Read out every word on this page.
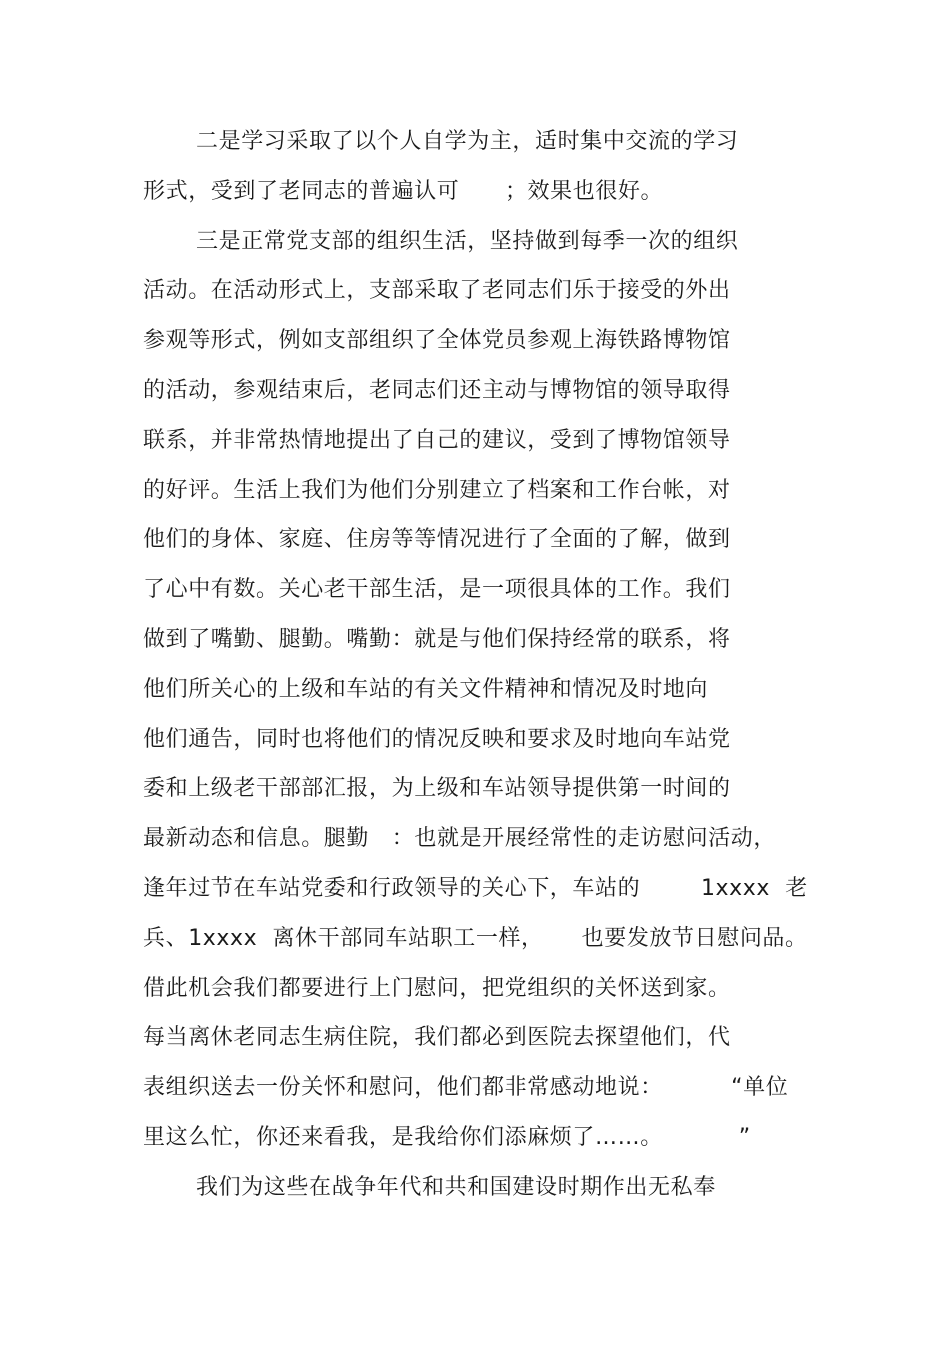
二是学习采取了以个人自学为主，适时集中交流的学习
形式，受到了老同志的普遍认可      ；效果也很好。
三是正常党支部的组织生活，坚持做到每季一次的组织
活动。在活动形式上，支部采取了老同志们乐于接受的外出
参观等形式，例如支部组织了全体党员参观上海铁路博物馆
的活动，参观结束后，老同志们还主动与博物馆的领导取得
联系，并非常热情地提出了自己的建议，受到了博物馆领导
的好评。生活上我们为他们分别建立了档案和工作台帐，对
他们的身体、家庭、住房等等情况进行了全面的了解，做到
了心中有数。关心老干部生活，是一项很具体的工作。我们
做到了嘴勤、腿勤。嘴勤：就是与他们保持经常的联系，将
他们所关心的上级和车站的有关文件精神和情况及时地向
他们通告，同时也将他们的情况反映和要求及时地向车站党
委和上级老干部部汇报，为上级和车站领导提供第一时间的
最新动态和信息。腿勤   ：也就是开展经常性的走访慰问活动，
逢年过节在车站党委和行政领导的关心下，车站的        1xxxx  老
兵、1xxxx  离休干部同车站职工一样，     也要发放节日慰问品。
借此机会我们都要进行上门慰问，把党组织的关怀送到家。
每当离休老同志生病住院，我们都必到医院去探望他们，代
表组织送去一份关怀和慰问，他们都非常感动地说：         “单位
里这么忙，你还来看我，是我给你们添麻烦了……。          ”
我们为这些在战争年代和共和国建设时期作出无私奉
